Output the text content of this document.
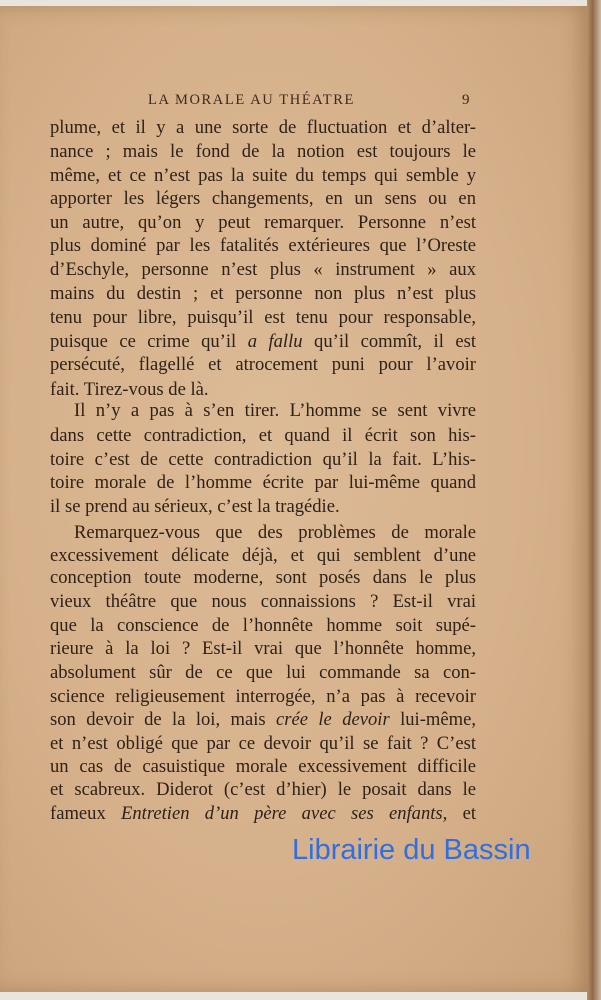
LA MORALE AU THÉATRE	9
plume, et il y a une sorte de fluctuation et d’alter-
nance ; mais le fond de la notion est toujours le
même, et ce n’est pas la suite du temps qui semble y
apporter les légers changements, en un sens ou en
un autre, qu’on y peut remarquer. Personne n’est
plus dominé par les fatalités extérieures que l’Oreste
d’Eschyle, personne n’est plus « instrument » aux
mains du destin ; et personne non plus n’est plus
tenu pour libre, puisqu’il est tenu pour responsable,
puisque ce crime qu’il a fallu qu’il commît, il est
persécuté, flagellé et atrocement puni pour l’avoir
fait. Tirez-vous de là.
Il n’y a pas à s’en tirer. L’homme se sent vivre
dans cette contradiction, et quand il écrit son his-
toire c’est de cette contradiction qu’il la fait. L’his-
toire morale de l’homme écrite par lui-même quand
il se prend au sérieux, c’est la tragédie.
Remarquez-vous que des problèmes de morale
excessivement délicate déjà, et qui semblent d’une
conception toute moderne, sont posés dans le plus
vieux théâtre que nous connaissions ? Est-il vrai
que la conscience de l’honnête homme soit supé-
rieure à la loi ? Est-il vrai que l’honnête homme,
absolument sûr de ce que lui commande sa con-
science religieusement interrogée, n’a pas à recevoir
son devoir de la loi, mais crée le devoir lui-même,
et n’est obligé que par ce devoir qu’il se fait ? C’est
un cas de casuistique morale excessivement difficile
et scabreux. Diderot (c’est d’hier) le posait dans le
fameux Entretien d’un père avec ses enfants, et
Librairie du Bassin
